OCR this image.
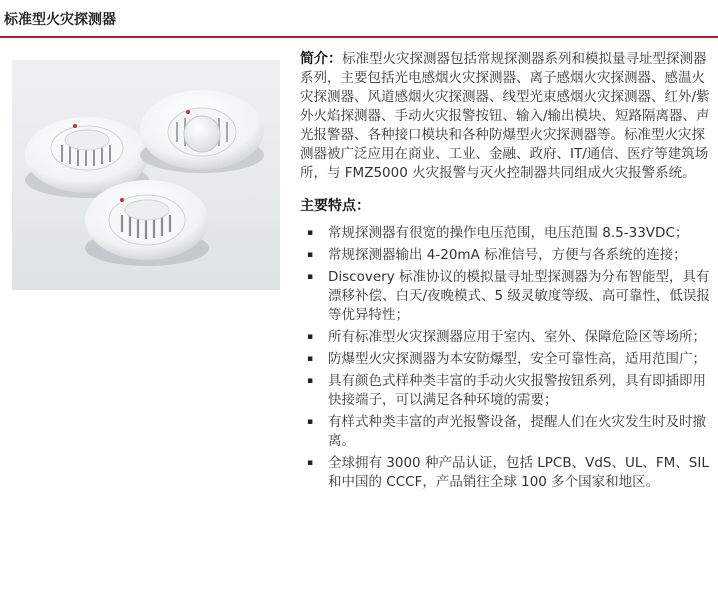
标准型火灾探测器

简介：标准型火灾探测器包括常规探测器系列和模拟量寻址型探测器系列，主要包括光电感烟火灾探测器、离子感烟火灾探测器、感温火灾探测器、风道感烟火灾探测器、线型光束感烟火灾探测器、红外/紫外火焰探测器、手动火灾报警按钮、输入/输出模块、短路隔离器、声光报警器、各种接口模块和各种防爆型火灾探测器等。标准型火灾探测器被广泛应用在商业、工业、金融、政府、IT/通信、医疗等建筑场所，与 FMZ5000 火灾报警与灭火控制器共同组成火灾报警系统。

主要特点：
▪
常规探测器有很宽的操作电压范围，电压范围 8.5-33VDC；
▪
常规探测器输出 4-20mA 标准信号，方便与各系统的连接；
▪
Discovery 标准协议的模拟量寻址型探测器为分布智能型，具有漂移补偿、白天/夜晚模式、5 级灵敏度等级、高可靠性，低误报等优异特性；
▪
所有标准型火灾探测器应用于室内、室外、保障危险区等场所；
▪
防爆型火灾探测器为本安防爆型，安全可靠性高，适用范围广；
▪
具有颜色式样种类丰富的手动火灾报警按钮系列，具有即插即用快接端子，可以满足各种环境的需要；
▪
有样式种类丰富的声光报警设备，提醒人们在火灾发生时及时撤离。
▪
全球拥有 3000 种产品认证，包括 LPCB、VdS、UL、FM、SIL 和中国的 CCCF，产品销往全球 100 多个国家和地区。
